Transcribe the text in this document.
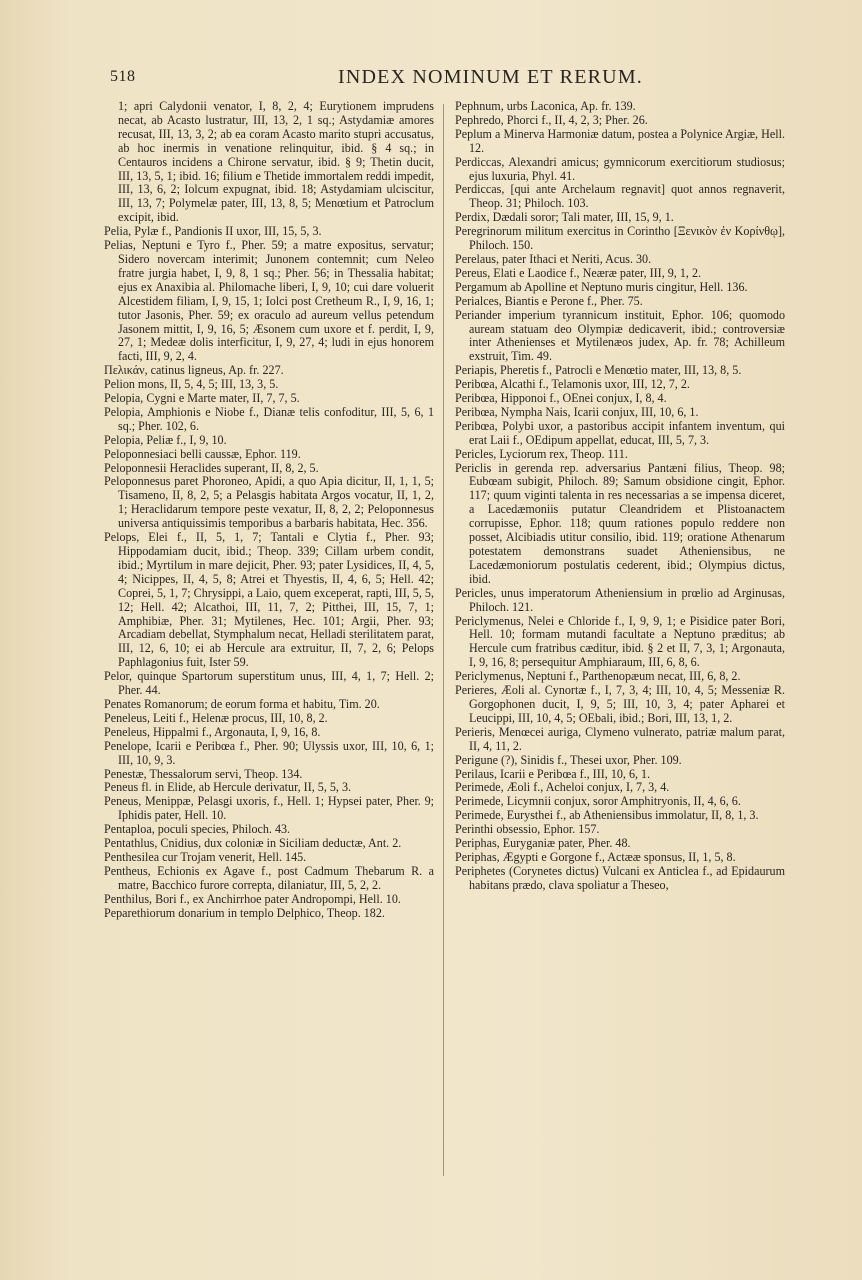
518	INDEX NOMINUM ET RERUM.

1; apri Calydonii venator, I, 8, 2, 4; Eurytionem imprudens necat, ab Acasto lustratur, III, 13, 2, 1 sq.; Astydamiæ amores recusat, III, 13, 3, 2; ab ea coram Acasto marito stupri accusatus, ab hoc inermis in venatione relinquitur, ibid. § 4 sq.; in Centauros incidens a Chirone servatur, ibid. § 9; Thetin ducit, III, 13, 5, 1; ibid. 16; filium e Thetide immortalem reddi impedit, III, 13, 6, 2; Iolcum expugnat, ibid. 18; Astydamiam ulciscitur, III, 13, 7; Polymelæ pater, III, 13, 8, 5; Menœtium et Patroclum excipit, ibid.

Pelia, Pylæ f., Pandionis II uxor, III, 15, 5, 3.

Pelias, Neptuni e Tyro f., Pher. 59; a matre expositus, servatur; Sidero novercam interimit; Junonem contemnit; cum Neleo fratre jurgia habet, I, 9, 8, 1 sq.; Pher. 56; in Thessalia habitat; ejus ex Anaxibia al. Philomache liberi, I, 9, 10; cui dare voluerit Alcestidem filiam, I, 9, 15, 1; Iolci post Cretheum R., I, 9, 16, 1; tutor Jasonis, Pher. 59; ex oraculo ad aureum vellus petendum Jasonem mittit, I, 9, 16, 5; Æsonem cum uxore et f. perdit, I, 9, 27, 1; Medeæ dolis interficitur, I, 9, 27, 4; ludi in ejus honorem facti, III, 9, 2, 4.

Πελικάν, catinus ligneus, Ap. fr. 227.

Pelion mons, II, 5, 4, 5; III, 13, 3, 5.

Pelopia, Cygni e Marte mater, II, 7, 7, 5.

Pelopia, Amphionis e Niobe f., Dianæ telis confoditur, III, 5, 6, 1 sq.; Pher. 102, 6.

Pelopia, Peliæ f., I, 9, 10.

Peloponnesiaci belli caussæ, Ephor. 119.

Peloponnesii Heraclides superant, II, 8, 2, 5.

Peloponnesus paret Phoroneo, Apidi, a quo Apia dicitur, II, 1, 1, 5; Tisameno, II, 8, 2, 5; a Pelasgis habitata Argos vocatur, II, 1, 2, 1; Heraclidarum tempore peste vexatur, II, 8, 2, 2; Peloponnesus universa antiquissimis temporibus a barbaris habitata, Hec. 356.

Pelops, Elei f., II, 5, 1, 7; Tantali e Clytia f., Pher. 93; Hippodamiam ducit, ibid.; Theop. 339; Cillam urbem condit, ibid.; Myrtilum in mare dejicit, Pher. 93; pater Lysidices, II, 4, 5, 4; Nicippes, II, 4, 5, 8; Atrei et Thyestis, II, 4, 6, 5; Hell. 42; Coprei, 5, 1, 7; Chrysippi, a Laio, quem exceperat, rapti, III, 5, 5, 12; Hell. 42; Alcathoi, III, 11, 7, 2; Pitthei, III, 15, 7, 1; Amphibiæ, Pher. 31; Mytilenes, Hec. 101; Argii, Pher. 93; Arcadiam debellat, Stymphalum necat, Helladi sterilitatem parat, III, 12, 6, 10; ei ab Hercule ara extruitur, II, 7, 2, 6; Pelops Paphlagonius fuit, Ister 59.

Pelor, quinque Spartorum superstitum unus, III, 4, 1, 7; Hell. 2; Pher. 44.

Penates Romanorum; de eorum forma et habitu, Tim. 20.

Peneleus, Leiti f., Helenæ procus, III, 10, 8, 2.

Peneleus, Hippalmi f., Argonauta, I, 9, 16, 8.

Penelope, Icarii e Peribœa f., Pher. 90; Ulyssis uxor, III, 10, 6, 1; III, 10, 9, 3.

Penestæ, Thessalorum servi, Theop. 134.

Peneus fl. in Elide, ab Hercule derivatur, II, 5, 5, 3.

Peneus, Menippæ, Pelasgi uxoris, f., Hell. 1; Hypsei pater, Pher. 9; Iphidis pater, Hell. 10.

Pentaploa, poculi species, Philoch. 43.

Pentathlus, Cnidius, dux coloniæ in Siciliam deductæ, Ant. 2.

Penthesilea cur Trojam venerit, Hell. 145.

Pentheus, Echionis ex Agave f., post Cadmum Thebarum R. a matre, Bacchico furore correpta, dilaniatur, III, 5, 2, 2.

Penthilus, Bori f., ex Anchirrhoe pater Andropompi, Hell. 10.

Peparethiorum donarium in templo Delphico, Theop. 182.

Pephnum, urbs Laconica, Ap. fr. 139.

Pephredo, Phorci f., II, 4, 2, 3; Pher. 26.

Peplum a Minerva Harmoniæ datum, postea a Polynice Argiæ, Hell. 12.

Perdiccas, Alexandri amicus; gymnicorum exercitiorum studiosus; ejus luxuria, Phyl. 41.

Perdiccas, [qui ante Archelaum regnavit] quot annos regnaverit, Theop. 31; Philoch. 103.

Perdix, Dædali soror; Tali mater, III, 15, 9, 1.

Peregrinorum militum exercitus in Corintho [Ξενικὸν ἐν Κορίνθῳ], Philoch. 150.

Perelaus, pater Ithaci et Neriti, Acus. 30.

Pereus, Elati e Laodice f., Neæræ pater, III, 9, 1, 2.

Pergamum ab Apolline et Neptuno muris cingitur, Hell. 136.

Perialces, Biantis e Perone f., Pher. 75.

Periander imperium tyrannicum instituit, Ephor. 106; quomodo auream statuam deo Olympiæ dedicaverit, ibid.; controversiæ inter Athenienses et Mytilenæos judex, Ap. fr. 78; Achilleum exstruit, Tim. 49.

Periapis, Pheretis f., Patrocli e Menœtio mater, III, 13, 8, 5.

Peribœa, Alcathi f., Telamonis uxor, III, 12, 7, 2.

Peribœa, Hipponoi f., OEnei conjux, I, 8, 4.

Peribœa, Nympha Nais, Icarii conjux, III, 10, 6, 1.

Peribœa, Polybi uxor, a pastoribus accipit infantem inventum, qui erat Laii f., OEdipum appellat, educat, III, 5, 7, 3.

Pericles, Lyciorum rex, Theop. 111.

Periclis in gerenda rep. adversarius Pantæni filius, Theop. 98; Eubœam subigit, Philoch. 89; Samum obsidione cingit, Ephor. 117; quum viginti talenta in res necessarias a se impensa diceret, a Lacedæmoniis putatur Cleandridem et Plistoanactem corrupisse, Ephor. 118; quum rationes populo reddere non posset, Alcibiadis utitur consilio, ibid. 119; oratione Athenarum potestatem demonstrans suadet Atheniensibus, ne Lacedæmoniorum postulatis cederent, ibid.; Olympius dictus, ibid.

Pericles, unus imperatorum Atheniensium in prœlio ad Arginusas, Philoch. 121.

Periclymenus, Nelei e Chloride f., I, 9, 9, 1; e Pisidice pater Bori, Hell. 10; formam mutandi facultate a Neptuno præditus; ab Hercule cum fratribus cæditur, ibid. § 2 et II, 7, 3, 1; Argonauta, I, 9, 16, 8; persequitur Amphiaraum, III, 6, 8, 6.

Periclymenus, Neptuni f., Parthenopæum necat, III, 6, 8, 2.

Perieres, Æoli al. Cynortæ f., I, 7, 3, 4; III, 10, 4, 5; Messeniæ R. Gorgophonen ducit, I, 9, 5; III, 10, 3, 4; pater Apharei et Leucippi, III, 10, 4, 5; OEbali, ibid.; Bori, III, 13, 1, 2.

Perieris, Menœcei auriga, Clymeno vulnerato, patriæ malum parat, II, 4, 11, 2.

Perigune (?), Sinidis f., Thesei uxor, Pher. 109.

Perilaus, Icarii e Peribœa f., III, 10, 6, 1.

Perimede, Æoli f., Acheloi conjux, I, 7, 3, 4.

Perimede, Licymnii conjux, soror Amphitryonis, II, 4, 6, 6.

Perimede, Eurysthei f., ab Atheniensibus immolatur, II, 8, 1, 3.

Perinthi obsessio, Ephor. 157.

Periphas, Euryganiæ pater, Pher. 48.

Periphas, Ægypti e Gorgone f., Actææ sponsus, II, 1, 5, 8.

Periphetes (Corynetes dictus) Vulcani ex Anticlea f., ad Epidaurum habitans prædo, clava spoliatur a Theseo,
